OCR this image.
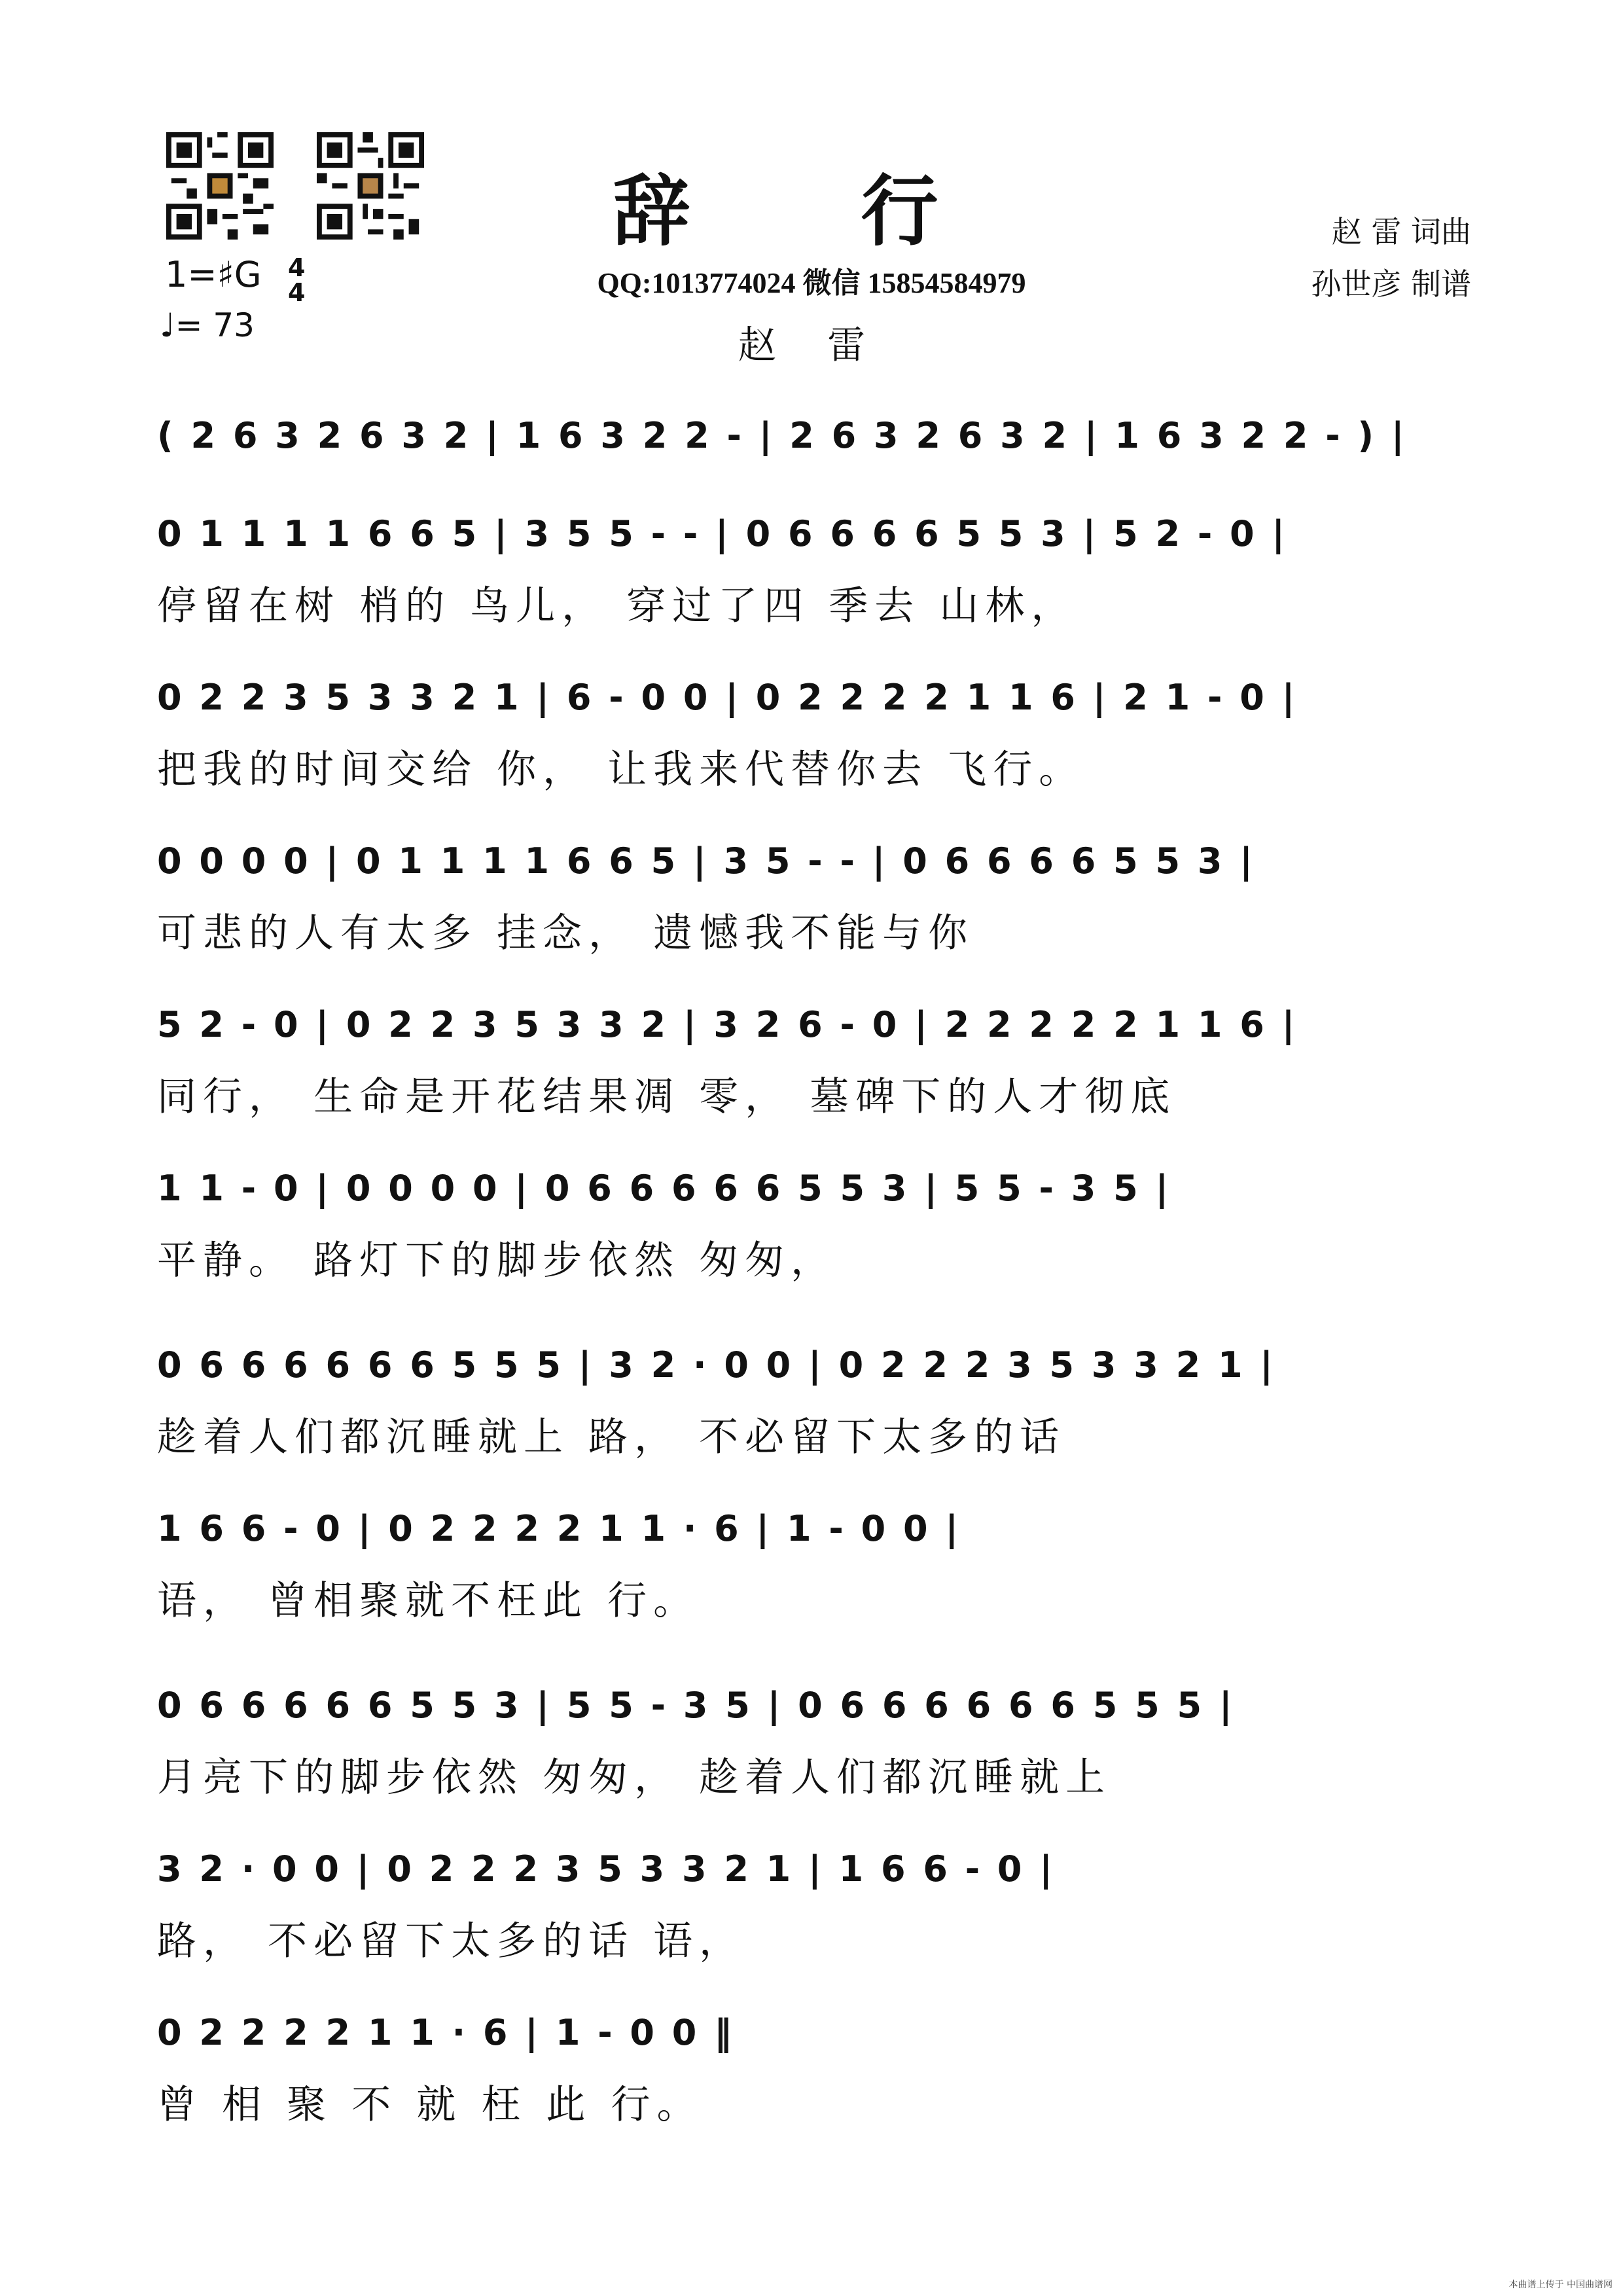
辞 行
QQ:1013774024 微信 15854584979
赵 雷
赵 雷 词曲
孙世彦 制谱
1=♯G 4
4
♩= 73
( 2 6 3 2 6 3 2 | 1 6 3 2 2 - | 2 6 3 2 6 3 2 | 1 6 3 2 2 - ) |
0 1 1 1 1 6 6 5 | 3 5 5 - - | 0 6 6 6 6 5 5 3 | 5 2 - 0 |
停留在树 梢的 鸟儿， 穿过了四 季去 山林，
0 2 2 3 5 3 3 2 1 | 6 - 0 0 | 0 2 2 2 2 1 1 6 | 2 1 - 0 |
把我的时间交给 你， 让我来代替你去 飞行。
0 0 0 0 | 0 1 1 1 1 6 6 5 | 3 5 - - | 0 6 6 6 6 5 5 3 |
可悲的人有太多 挂念， 遗憾我不能与你
5 2 - 0 | 0 2 2 3 5 3 3 2 | 3 2 6 - 0 | 2 2 2 2 2 1 1 6 |
同行， 生命是开花结果凋 零， 墓碑下的人才彻底
1 1 - 0 | 0 0 0 0 | 0 6 6 6 6 6 5 5 3 | 5 5 - 3 5 |
平静。 路灯下的脚步依然 匆匆，
0 6 6 6 6 6 6 5 5 5 | 3 2 · 0 0 | 0 2 2 2 3 5 3 3 2 1 |
趁着人们都沉睡就上 路， 不必留下太多的话
1 6 6 - 0 | 0 2 2 2 2 1 1 · 6 | 1 - 0 0 |
语， 曾相聚就不枉此 行。
0 6 6 6 6 6 5 5 3 | 5 5 - 3 5 | 0 6 6 6 6 6 6 5 5 5 |
月亮下的脚步依然 匆匆， 趁着人们都沉睡就上
3 2 · 0 0 | 0 2 2 2 3 5 3 3 2 1 | 1 6 6 - 0 |
路， 不必留下太多的话 语，
0 2 2 2 2 1 1 · 6 | 1 - 0 0 ‖
曾 相 聚 不 就 枉 此 行。
本曲谱上传于 中国曲谱网
